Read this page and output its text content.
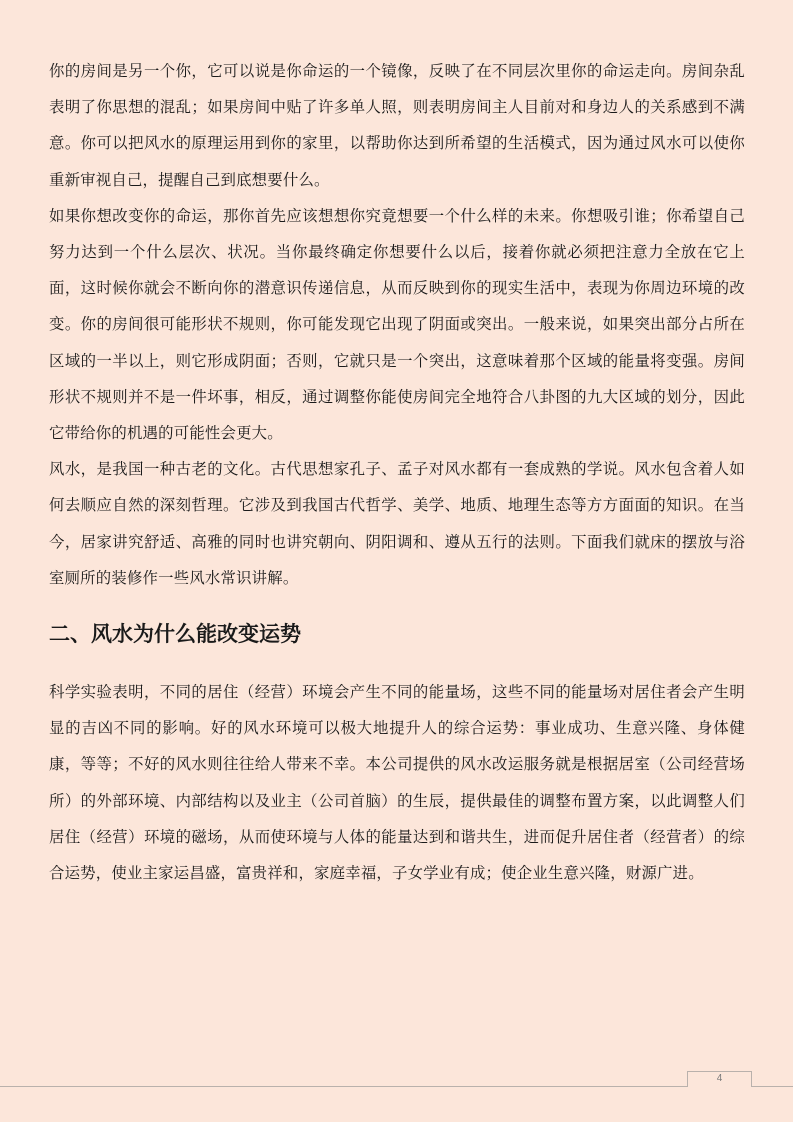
你的房间是另一个你，它可以说是你命运的一个镜像，反映了在不同层次里你的命运走向。房间杂乱表明了你思想的混乱；如果房间中贴了许多单人照，则表明房间主人目前对和身边人的关系感到不满意。你可以把风水的原理运用到你的家里，以帮助你达到所希望的生活模式，因为通过风水可以使你重新审视自己，提醒自己到底想要什么。

如果你想改变你的命运，那你首先应该想想你究竟想要一个什么样的未来。你想吸引谁；你希望自己努力达到一个什么层次、状况。当你最终确定你想要什么以后，接着你就必须把注意力全放在它上面，这时候你就会不断向你的潜意识传递信息，从而反映到你的现实生活中，表现为你周边环境的改变。你的房间很可能形状不规则，你可能发现它出现了阴面或突出。一般来说，如果突出部分占所在区域的一半以上，则它形成阴面；否则，它就只是一个突出，这意味着那个区域的能量将变强。房间形状不规则并不是一件坏事，相反，通过调整你能使房间完全地符合八卦图的九大区域的划分，因此它带给你的机遇的可能性会更大。

风水，是我国一种古老的文化。古代思想家孔子、孟子对风水都有一套成熟的学说。风水包含着人如何去顺应自然的深刻哲理。它涉及到我国古代哲学、美学、地质、地理生态等方方面面的知识。在当今，居家讲究舒适、高雅的同时也讲究朝向、阴阳调和、遵从五行的法则。下面我们就床的摆放与浴室厕所的装修作一些风水常识讲解。

二、风水为什么能改变运势

科学实验表明，不同的居住（经营）环境会产生不同的能量场，这些不同的能量场对居住者会产生明显的吉凶不同的影响。好的风水环境可以极大地提升人的综合运势：事业成功、生意兴隆、身体健康，等等；不好的风水则往往给人带来不幸。本公司提供的风水改运服务就是根据居室（公司经营场所）的外部环境、内部结构以及业主（公司首脑）的生辰，提供最佳的调整布置方案，以此调整人们居住（经营）环境的磁场，从而使环境与人体的能量达到和谐共生，进而促升居住者（经营者）的综合运势，使业主家运昌盛，富贵祥和，家庭幸福，子女学业有成；使企业生意兴隆，财源广进。

4
